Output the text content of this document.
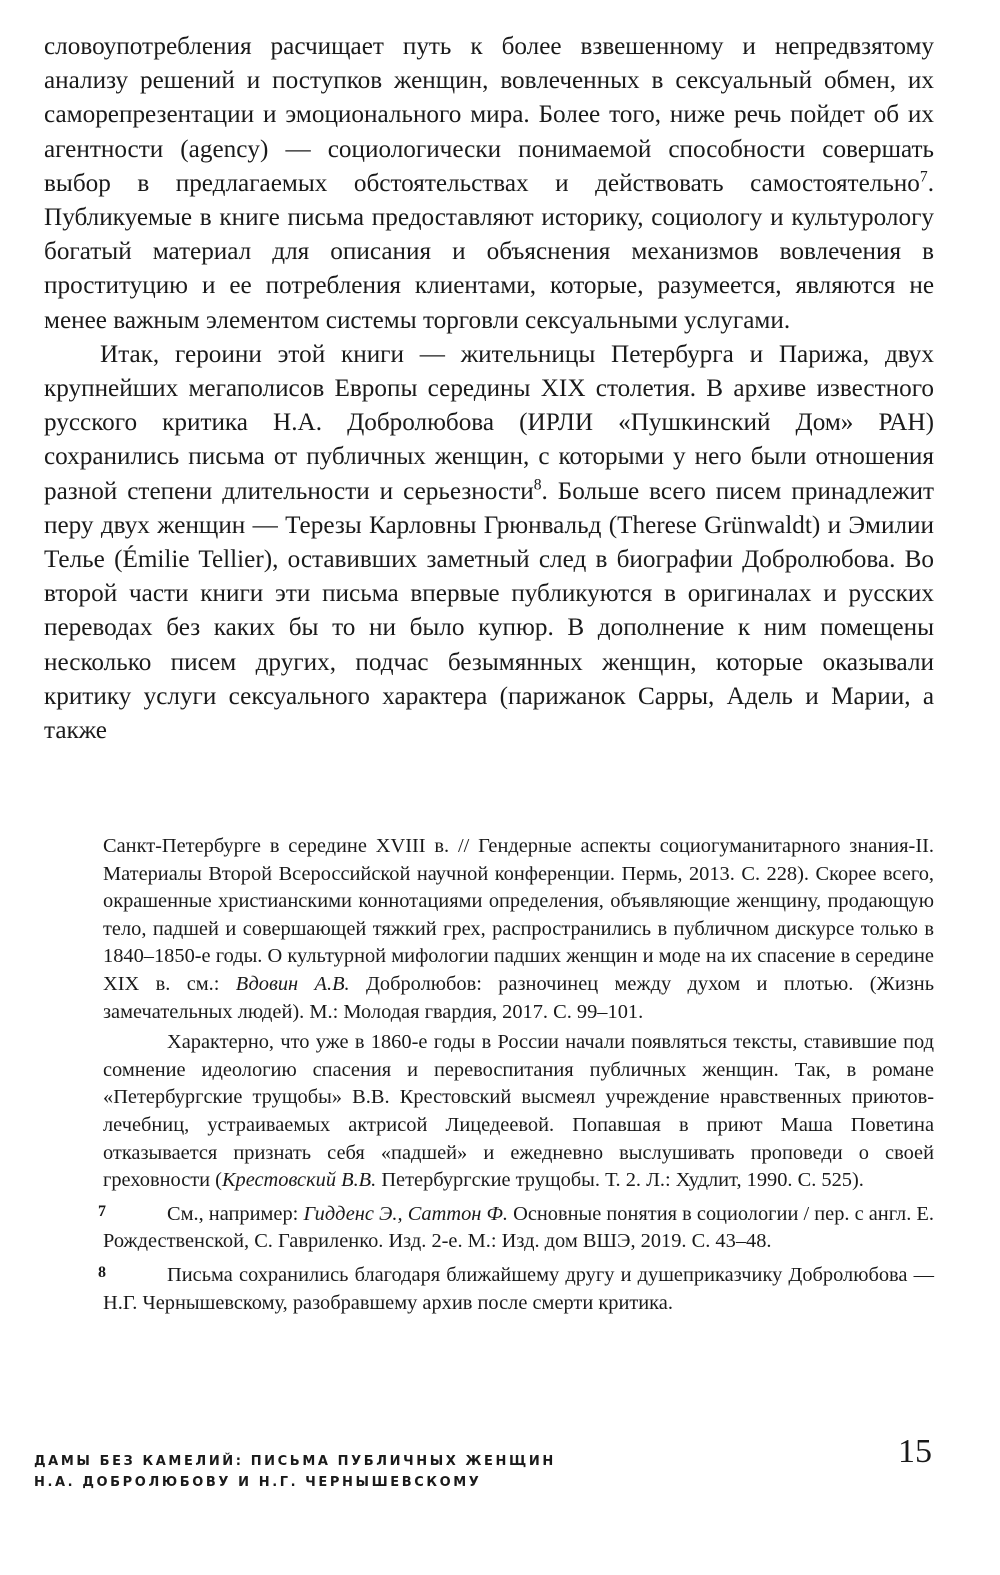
словоупотребления расчищает путь к более взвешенному и непредвзятому анализу решений и поступков женщин, вовлеченных в сексуальный обмен, их саморепрезентации и эмоционального мира. Более того, ниже речь пойдет об их агентности (agency) — социологически понимаемой способности совершать выбор в предлагаемых обстоятельствах и действовать самостоятельно$^7$. Публикуемые в книге письма предоставляют историку, социологу и культурологу богатый материал для описания и объяснения механизмов вовлечения в проституцию и ее потребления клиентами, которые, разумеется, являются не менее важным элементом системы торговли сексуальными услугами.

Итак, героини этой книги — жительницы Петербурга и Парижа, двух крупнейших мегаполисов Европы середины XIX столетия. В архиве известного русского критика Н.А. Добролюбова (ИРЛИ «Пушкинский Дом» РАН) сохранились письма от публичных женщин, с которыми у него были отношения разной степени длительности и серьезности$^8$. Больше всего писем принадлежит перу двух женщин — Терезы Карловны Грюнвальд (Therese Grünwaldt) и Эмилии Телье (Émilie Tellier), оставивших заметный след в биографии Добролюбова. Во второй части книги эти письма впервые публикуются в оригиналах и русских переводах без каких бы то ни было купюр. В дополнение к ним помещены несколько писем других, подчас безымянных женщин, которые оказывали критику услуги сексуального характера (парижанок Сарры, Адель и Марии, а также

Санкт-Петербурге в середине XVIII в. // Гендерные аспекты социогуманитарного знания-II. Материалы Второй Всероссийской научной конференции. Пермь, 2013. С. 228). Скорее всего, окрашенные христианскими коннотациями определения, объявляющие женщину, продающую тело, падшей и совершающей тяжкий грех, распространились в публичном дискурсе только в 1840–1850-е годы. О культурной мифологии падших женщин и моде на их спасение в середине XIX в. см.: Вдовин А.В. Добролюбов: разночинец между духом и плотью. (Жизнь замечательных людей). М.: Молодая гвардия, 2017. С. 99–101.

Характерно, что уже в 1860-е годы в России начали появляться тексты, ставившие под сомнение идеологию спасения и перевоспитания публичных женщин. Так, в романе «Петербургские трущобы» В.В. Крестовский высмеял учреждение нравственных приютов-лечебниц, устраиваемых актрисой Лицедеевой. Попавшая в приют Маша Поветина отказывается признать себя «падшей» и ежедневно выслушивать проповеди о своей греховности (Крестовский В.В. Петербургские трущобы. Т. 2. Л.: Худлит, 1990. С. 525).

7	См., например: Гидденс Э., Саттон Ф. Основные понятия в социологии / пер. с англ. Е. Рождественской, С. Гавриленко. Изд. 2-е. М.: Изд. дом ВШЭ, 2019. С. 43–48.

8	Письма сохранились благодаря ближайшему другу и душеприказчику Добролюбова — Н.Г. Чернышевскому, разобравшему архив после смерти критика.

ДАМЫ БЕЗ КАМЕЛИЙ: ПИСЬМА ПУБЛИЧНЫХ ЖЕНЩИН
Н.А. ДОБРОЛЮБОВУ И Н.Г. ЧЕРНЫШЕВСКОМУ
15
